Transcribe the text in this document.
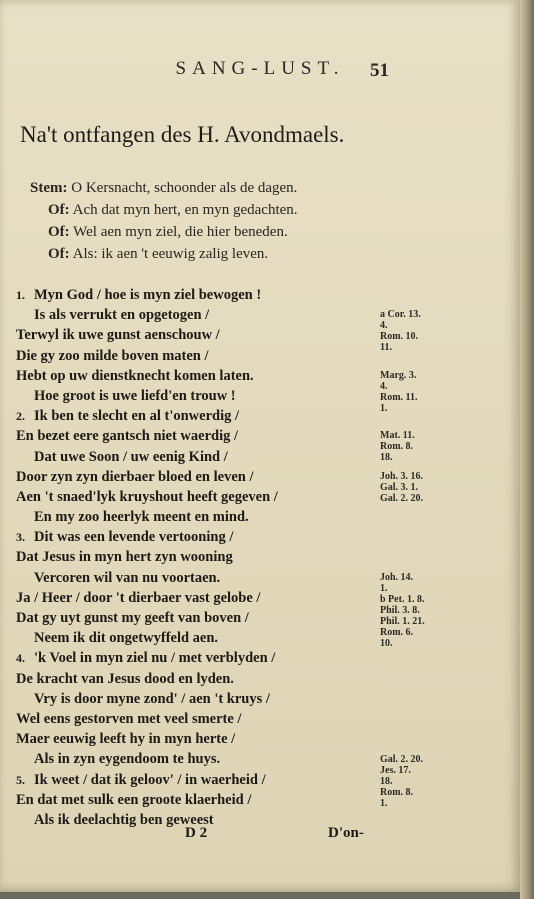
SANG-LUST.	51
Na't ontfangen des H. Avondmaels.
Stem: O Kersnacht, schoonder als de dagen.
Of: Ach dat myn hert, en myn gedachten.
Of: Wel aen myn ziel, die hier beneden.
Of: Als: ik aen 't eeuwig zalig leven.
1. Myn God / hoe is myn ziel bewogen !
Is als verrukt en opgetogen /
Terwyl ik uwe gunst aenschouw /
Die gy zoo milde boven maten /
Hebt op uw dienstknecht komen laten.
Hoe groot is uwe liefd'en trouw !
2. Ik ben te slecht en al t'onwerdig /
En bezet eere gantsch niet waerdig /
Dat uwe Soon / uw eenig Kind /
Door zyn zyn dierbaer bloed en leven /
Aen 't snaed'lyk kruyshout heeft gegeven /
En my zoo heerlyk meent en mind.
3. Dit was een levende vertooning /
Dat Jesus in myn hert zyn wooning
Vercoren wil van nu voortaen.
Ja / Heer / door 't dierbaer vast gelobe /
Dat gy uyt gunst my geeft van boven /
Neem ik dit ongetwyffeld aen.
4. 'k Voel in myn ziel nu / met verblyden /
De kracht van Jesus dood en lyden.
Vry is door myne zond' / aen 't kruys /
Wel eens gestorven met veel smerte /
Maer eeuwig leeft hy in myn herte /
Als in zyn eygendoom te huys.
5. Ik weet / dat ik geloov' / in waerheid /
En dat met sulk een groote klaerheid /
Als ik deelachtig ben geweest
a Cor. 13.
4.
Rom. 10.
11.
Marg. 3.
4.
Rom. 11.
1.
Mat. 11.
Rom. 8.
18.
Joh. 3. 16.
Gal. 3. 1.
Gal. 2. 20.
Joh. 14.
1.
b Pet. 1. 8.
Phil. 3. 8.
Phil. 1. 21.
Rom. 6.
10.
Gal. 2. 20.
Jes. 17.
18.
Rom. 8.
1.
D 2	D'on-
